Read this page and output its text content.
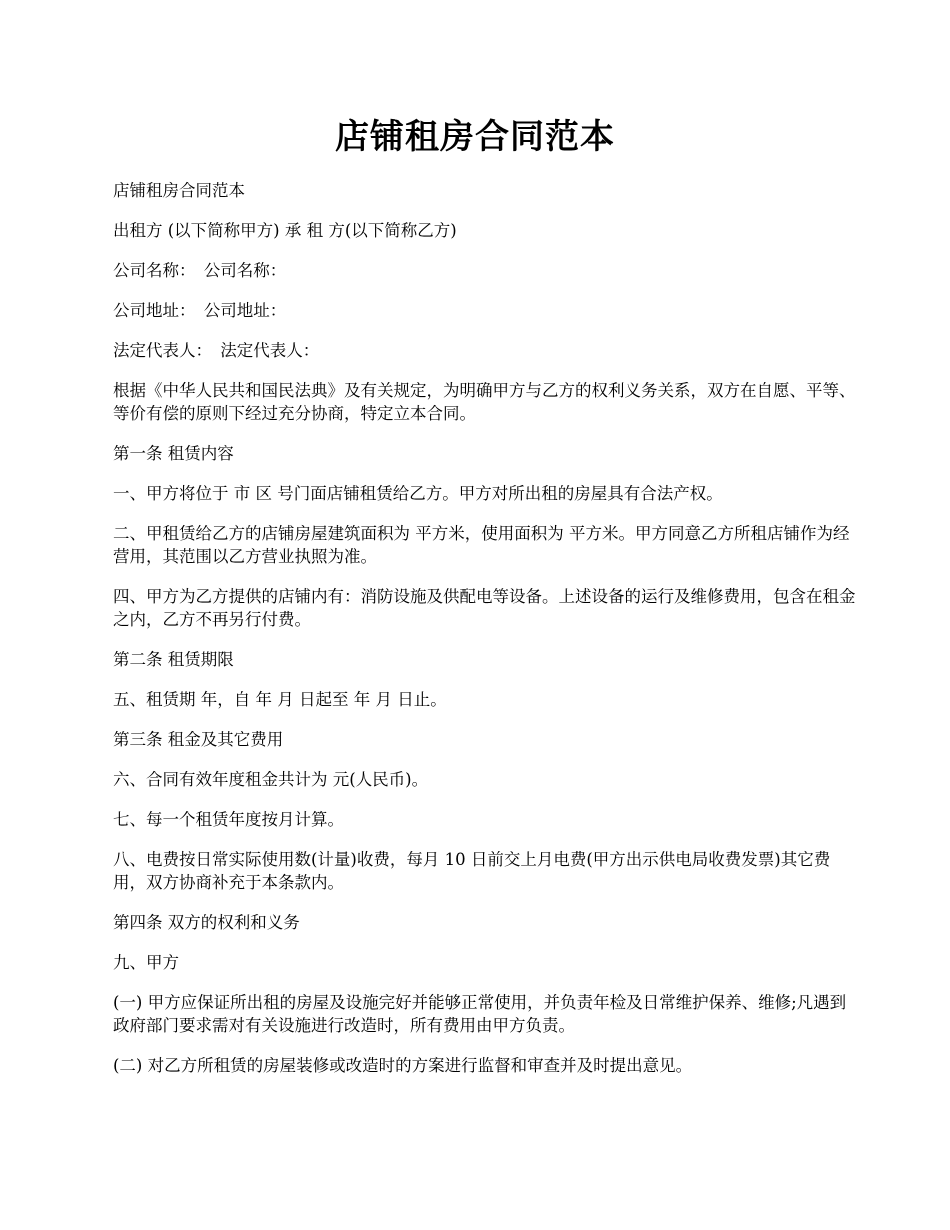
店铺租房合同范本

店铺租房合同范本

出租方 (以下简称甲方) 承 租 方(以下简称乙方)

公司名称：　公司名称：

公司地址：　公司地址：

法定代表人：　法定代表人：

根据《中华人民共和国民法典》及有关规定，为明确甲方与乙方的权利义务关系，双方在自愿、平等、等价有偿的原则下经过充分协商，特定立本合同。

第一条 租赁内容

一、甲方将位于 市 区 号门面店铺租赁给乙方。甲方对所出租的房屋具有合法产权。

二、甲租赁给乙方的店铺房屋建筑面积为 平方米，使用面积为 平方米。甲方同意乙方所租店铺作为经营用，其范围以乙方营业执照为准。

四、甲方为乙方提供的店铺内有：消防设施及供配电等设备。上述设备的运行及维修费用，包含在租金之内，乙方不再另行付费。

第二条 租赁期限

五、租赁期 年，自 年 月 日起至 年 月 日止。

第三条 租金及其它费用

六、合同有效年度租金共计为 元(人民币)。

七、每一个租赁年度按月计算。

八、电费按日常实际使用数(计量)收费，每月 10 日前交上月电费(甲方出示供电局收费发票)其它费用，双方协商补充于本条款内。

第四条 双方的权利和义务

九、甲方

(一) 甲方应保证所出租的房屋及设施完好并能够正常使用，并负责年检及日常维护保养、维修;凡遇到政府部门要求需对有关设施进行改造时，所有费用由甲方负责。

(二) 对乙方所租赁的房屋装修或改造时的方案进行监督和审查并及时提出意见。
